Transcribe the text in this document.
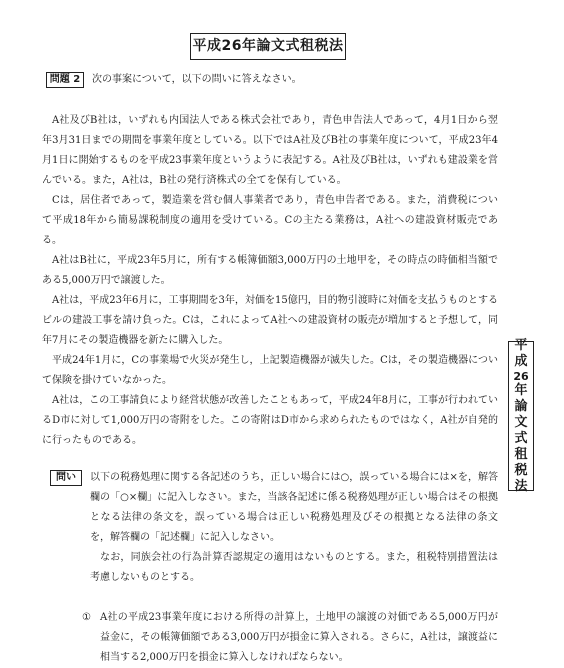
平成26年論文式租税法
問題 2	次の事案について，以下の問いに答えなさい。

A社及びB社は，いずれも内国法人である株式会社であり，青色申告法人であって，4月1日から翌年3月31日までの期間を事業年度としている。以下ではA社及びB社の事業年度について，平成23年4月1日に開始するものを平成23事業年度というように表記する。A社及びB社は，いずれも建設業を営んでいる。また，A社は，B社の発行済株式の全てを保有している。

Cは，居住者であって，製造業を営む個人事業者であり，青色申告者である。また，消費税について平成18年から簡易課税制度の適用を受けている。Cの主たる業務は，A社への建設資材販売である。

A社はB社に，平成23年5月に，所有する帳簿価額3,000万円の土地甲を，その時点の時価相当額である5,000万円で譲渡した。

A社は，平成23年6月に，工事期間を3年，対価を15億円，目的物引渡時に対価を支払うものとするビルの建設工事を請け負った。Cは，これによってA社への建設資材の販売が増加すると予想して，同年7月にその製造機器を新たに購入した。

平成24年1月に，Cの事業場で火災が発生し，上記製造機器が滅失した。Cは，その製造機器について保険を掛けていなかった。

A社は，この工事請負により経営状態が改善したこともあって，平成24年8月に，工事が行われているD市に対して1,000万円の寄附をした。この寄附はD市から求められたものではなく，A社が自発的に行ったものである。

平
成
26
年
論
文
式
租
税
法
問い	以下の税務処理に関する各記述のうち，正しい場合には○，誤っている場合には×を，解答欄の「○×欄」に記入しなさい。また，当該各記述に係る税務処理が正しい場合はその根拠となる法律の条文を，誤っている場合は正しい税務処理及びその根拠となる法律の条文を，解答欄の「記述欄」に記入しなさい。

なお，同族会社の行為計算否認規定の適用はないものとする。また，租税特別措置法は考慮しないものとする。

① A社の平成23事業年度における所得の計算上，土地甲の譲渡の対価である5,000万円が益金に，その帳簿価額である3,000万円が損金に算入される。さらに，A社は，譲渡益に相当する2,000万円を損金に算入しなければならない。
